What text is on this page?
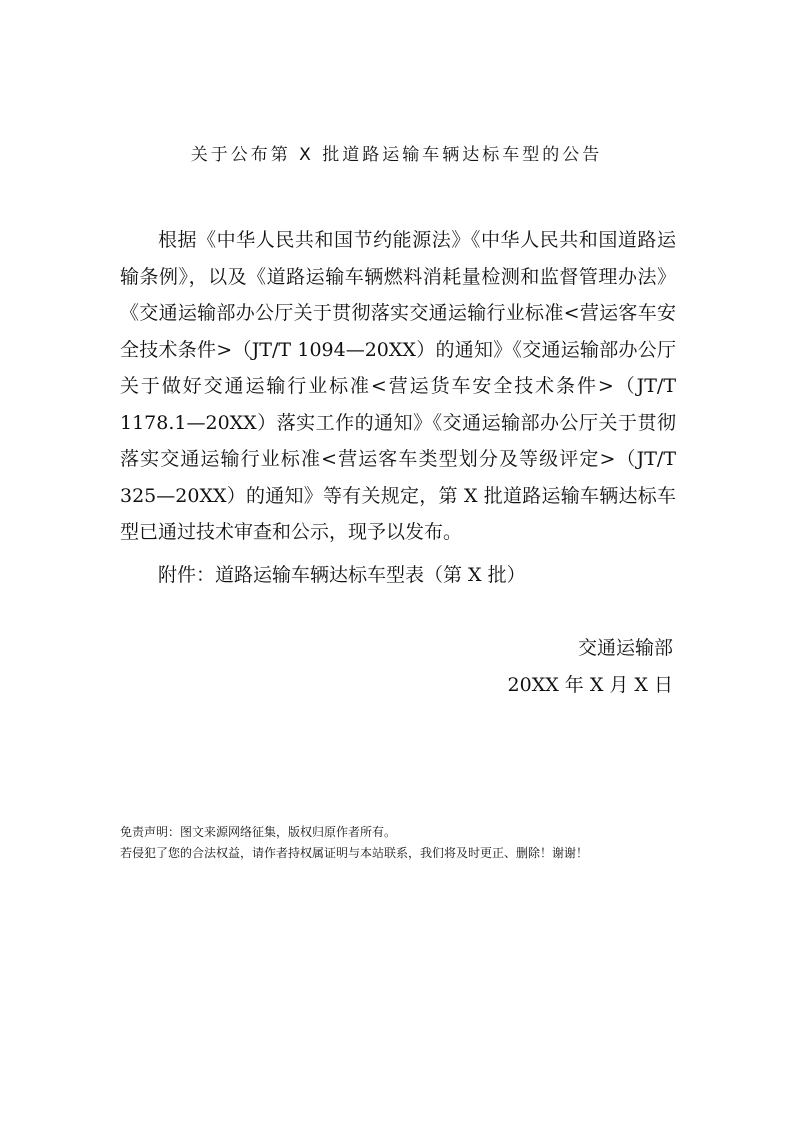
关于公布第 X 批道路运输车辆达标车型的公告

根据《中华人民共和国节约能源法》《中华人民共和国道路运输条例》，以及《道路运输车辆燃料消耗量检测和监督管理办法》《交通运输部办公厅关于贯彻落实交通运输行业标准<营运客车安全技术条件>（JT/T 1094—20XX）的通知》《交通运输部办公厅关于做好交通运输行业标准<营运货车安全技术条件>（JT/T 1178.1—20XX）落实工作的通知》《交通运输部办公厅关于贯彻落实交通运输行业标准<营运客车类型划分及等级评定>（JT/T 325—20XX）的通知》等有关规定，第 X 批道路运输车辆达标车型已通过技术审查和公示，现予以发布。

附件：道路运输车辆达标车型表（第 X 批）

交通运输部
20XX 年 X 月 X 日
免责声明：图文来源网络征集，版权归原作者所有。
若侵犯了您的合法权益，请作者持权属证明与本站联系，我们将及时更正、删除！谢谢！
